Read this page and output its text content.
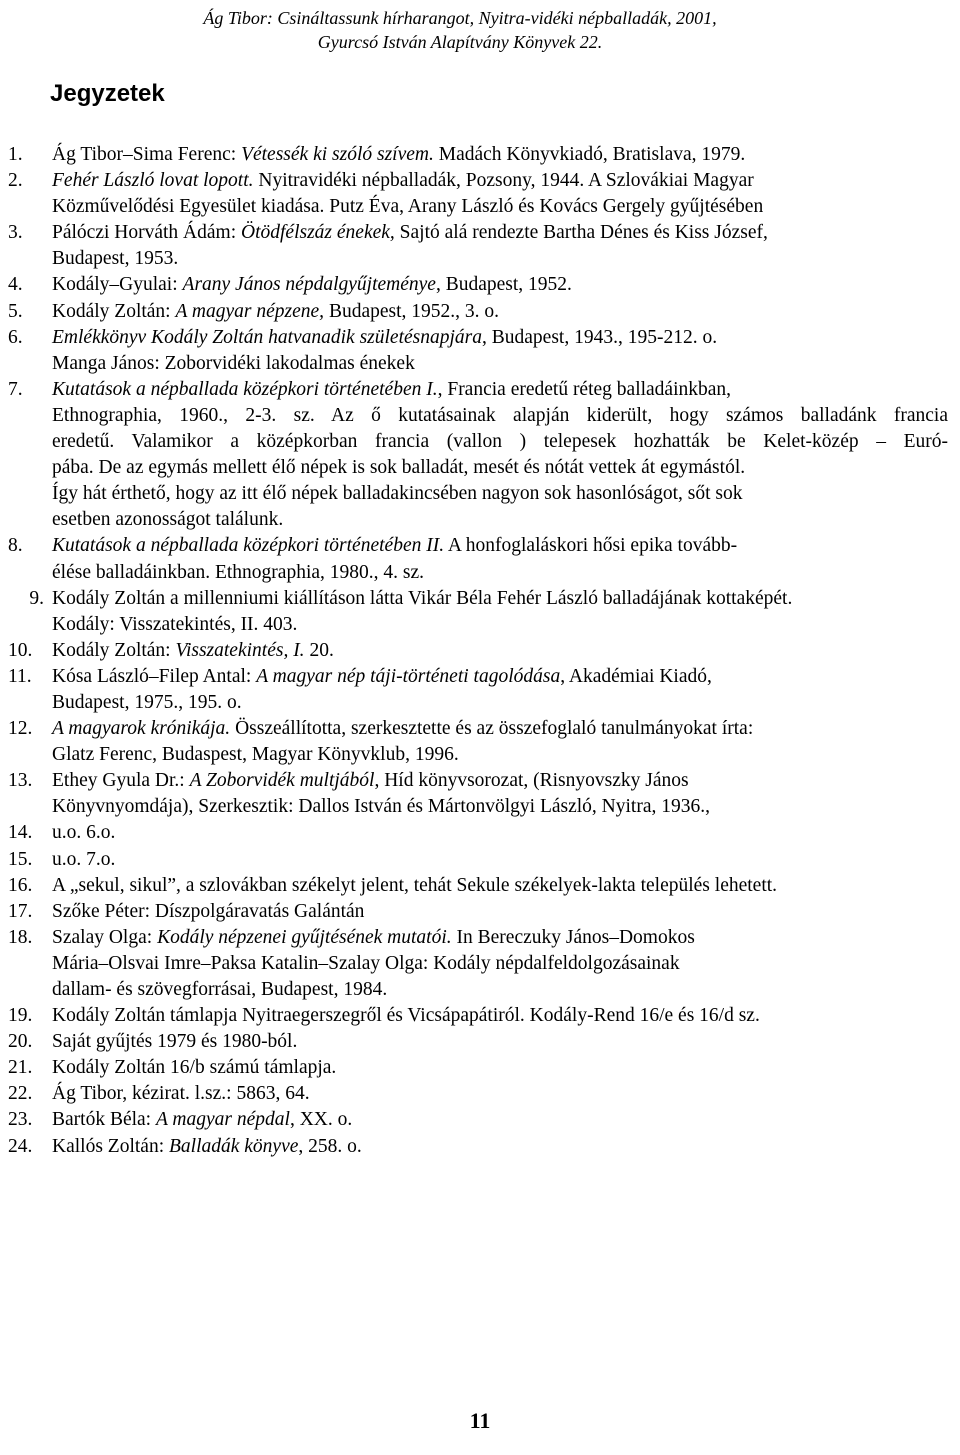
Ág Tibor: Csináltassunk hírharangot, Nyitra-vidéki népballadák, 2001,
Gyurcsó István Alapítvány Könyvek 22.
Jegyzetek
1.	Ág Tibor–Sima Ferenc: Vétessék ki szóló szívem. Madách Könyvkiadó, Bratislava, 1979.
2.	Fehér László lovat lopott. Nyitravidéki népballadák, Pozsony, 1944. A Szlovákiai Magyar
Közművelődési Egyesület kiadása. Putz Éva, Arany László és Kovács Gergely gyűjtésében
3.	Pálóczi Horváth Ádám: Ötödfélszáz énekek, Sajtó alá rendezte Bartha Dénes és Kiss József,
Budapest, 1953.
4.	Kodály–Gyulai: Arany János népdalgyűjteménye, Budapest, 1952.
5.	Kodály Zoltán: A magyar népzene, Budapest, 1952., 3. o.
6.	Emlékkönyv Kodály Zoltán hatvanadik születésnapjára, Budapest, 1943., 195-212. o.
Manga János: Zoborvidéki lakodalmas énekek
7.	Kutatások a népballada középkori történetében I., Francia eredetű réteg balladáinkban,
Ethnographia, 1960., 2-3. sz. Az ő kutatásainak alapján kiderült, hogy számos balladánk francia
eredetű. Valamikor a középkorban francia (vallon ) telepesek hozhatták be Kelet-közép – Euró-
pába. De az egymás mellett élő népek is sok balladát, mesét és nótát vettek át egymástól.
Így hát érthető, hogy az itt élő népek balladakincsében nagyon sok hasonlóságot, sőt sok
esetben azonosságot találunk.
8.	Kutatások a népballada középkori történetében II. A honfoglaláskori hősi epika tovább-
élése balladáinkban. Ethnographia, 1980., 4. sz.
9. Kodály Zoltán a millenniumi kiállításon látta Vikár Béla Fehér László balladájának kottaképét.
Kodály: Visszatekintés, II. 403.
10.	Kodály Zoltán: Visszatekintés, I. 20.
11.	Kósa László–Filep Antal: A magyar nép táji-történeti tagolódása, Akadémiai Kiadó,
Budapest, 1975., 195. o.
12.	A magyarok krónikája. Összeállította, szerkesztette és az összefoglaló tanulmányokat írta:
Glatz Ferenc, Budaspest, Magyar Könyvklub, 1996.
13.	Ethey Gyula Dr.: A Zoborvidék multjából, Híd könyvsorozat, (Risnyovszky János
Könyvnyomdája), Szerkesztik: Dallos István és Mártonvölgyi László, Nyitra, 1936.,
14.	u.o. 6.o.
15.	u.o. 7.o.
16.	A „sekul, sikul”, a szlovákban székelyt jelent, tehát Sekule székelyek-lakta település lehetett.
17.	Szőke Péter: Díszpolgáravatás Galántán
18.	Szalay Olga: Kodály népzenei gyűjtésének mutatói. In Bereczuky János–Domokos
Mária–Olsvai Imre–Paksa Katalin–Szalay Olga: Kodály népdalfeldolgozásainak
dallam- és szövegforrásai, Budapest, 1984.
19.	Kodály Zoltán támlapja Nyitraegerszegről és Vicsápapátiról. Kodály-Rend 16/e és 16/d sz.
20.	Saját gyűjtés 1979 és 1980-ból.
21.	Kodály Zoltán 16/b számú támlapja.
22.	Ág Tibor, kézirat. l.sz.: 5863, 64.
23.	Bartók Béla: A magyar népdal, XX. o.
24.	Kallós Zoltán: Balladák könyve, 258. o.
11
